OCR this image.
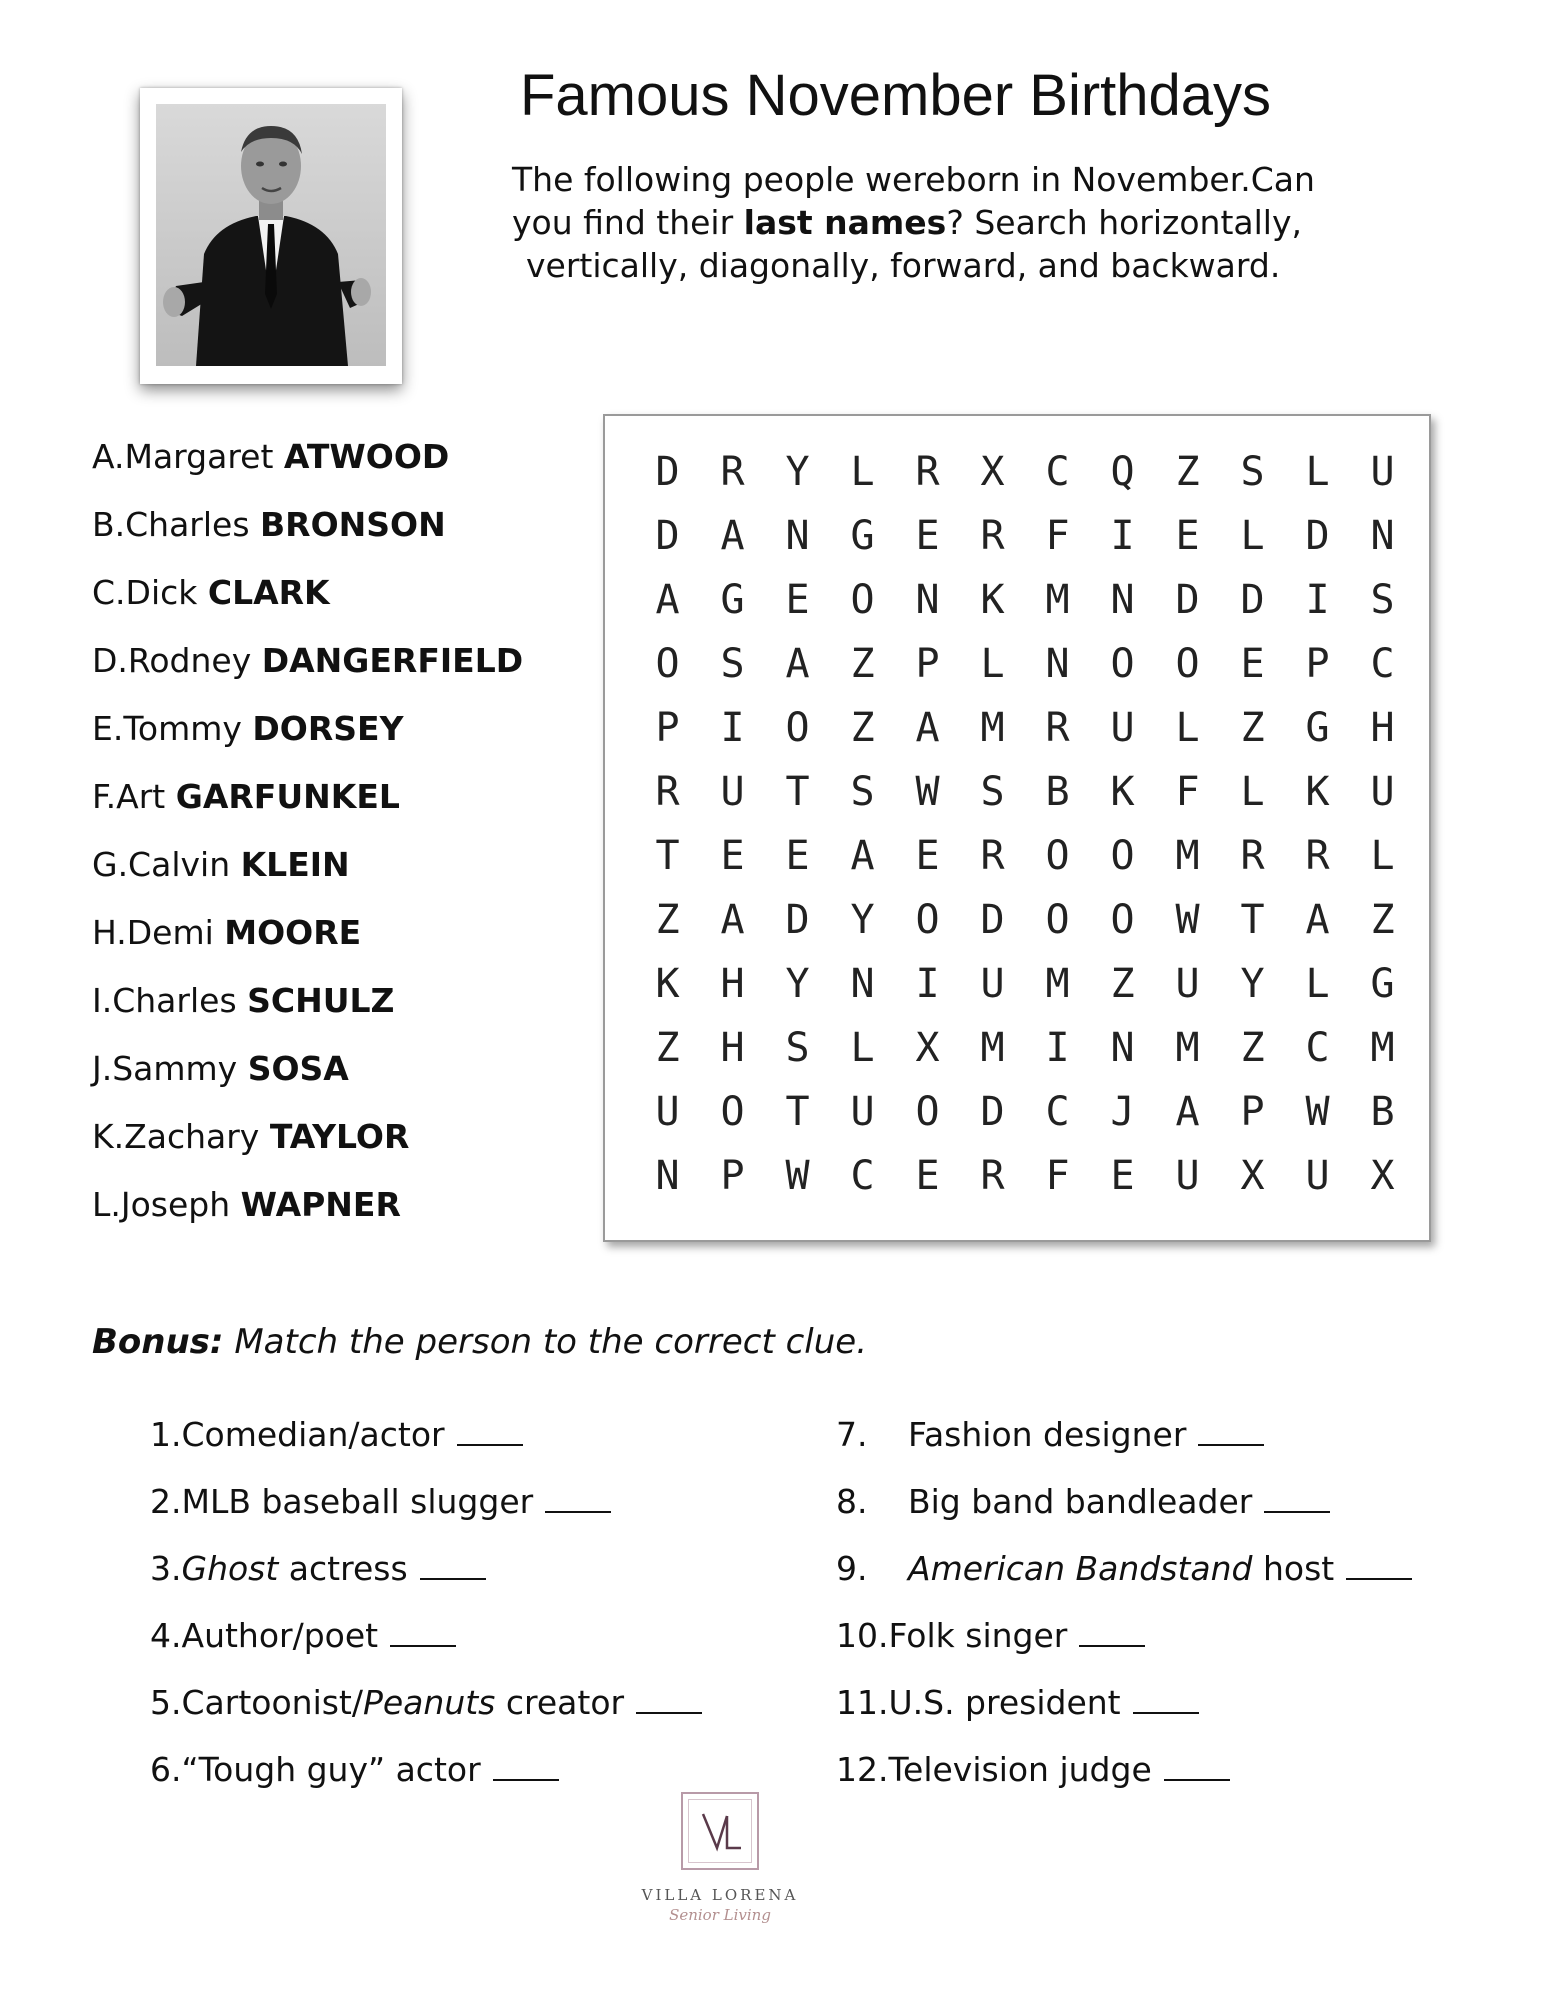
Famous November Birthdays
The following people wereborn in November.Can
you find their last names? Search horizontally,
vertically, diagonally, forward, and backward.
A.Margaret ATWOOD
B.Charles BRONSON
C.Dick CLARK
D.Rodney DANGERFIELD
E.Tommy DORSEY
F.Art GARFUNKEL
G.Calvin KLEIN
H.Demi MOORE
I.Charles SCHULZ
J.Sammy SOSA
K.Zachary TAYLOR
L.Joseph WAPNER
D	R	Y	L	R	X	C	Q	Z	S	L	U
D	A	N	G	E	R	F	I	E	L	D	N
A	G	E	O	N	K	M	N	D	D	I	S
O	S	A	Z	P	L	N	O	O	E	P	C
P	I	O	Z	A	M	R	U	L	Z	G	H
R	U	T	S	W	S	B	K	F	L	K	U
T	E	E	A	E	R	O	O	M	R	R	L
Z	A	D	Y	O	D	O	O	W	T	A	Z
K	H	Y	N	I	U	M	Z	U	Y	L	G
Z	H	S	L	X	M	I	N	M	Z	C	M
U	O	T	U	O	D	C	J	A	P	W	B
N	P	W	C	E	R	F	E	U	X	U	X
Bonus: Match the person to the correct clue.
1.Comedian/actor
2.MLB baseball slugger
3.Ghost actress
4.Author/poet
5.Cartoonist/Peanuts creator
6.“Tough guy” actor
7. Fashion designer
8. Big band bandleader
9. American Bandstand host
10.Folk singer
11.U.S. president
12.Television judge
VILLA LORENA
Senior Living
